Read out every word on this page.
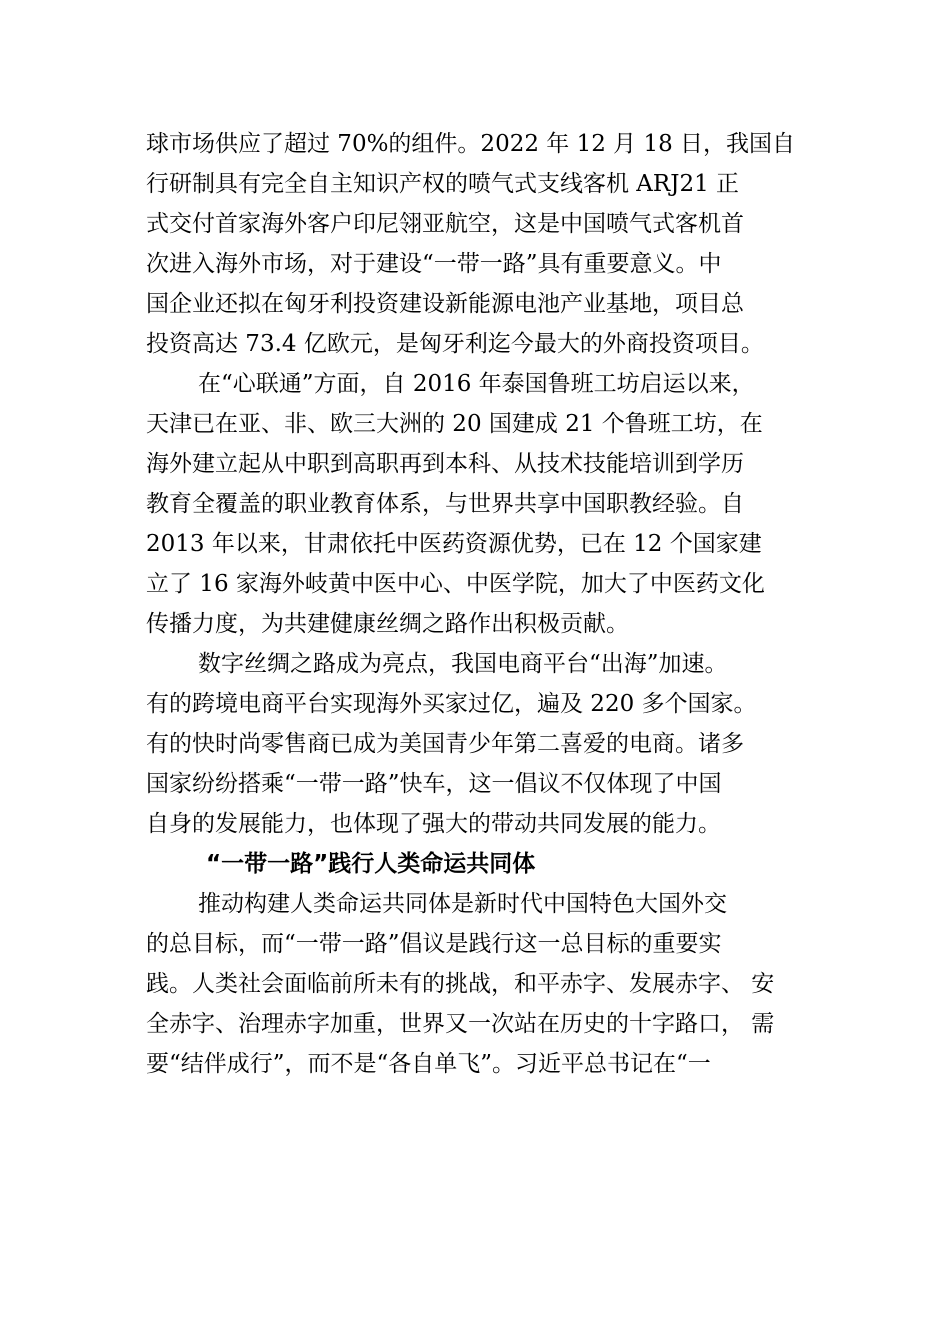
球市场供应了超过 70%的组件。2022 年 12 月 18 日，我国自
行研制具有完全自主知识产权的喷气式支线客机 ARJ21 正
式交付首家海外客户印尼翎亚航空，这是中国喷气式客机首
次进入海外市场，对于建设“一带一路”具有重要意义。中
国企业还拟在匈牙利投资建设新能源电池产业基地，项目总
投资高达 73.4 亿欧元，是匈牙利迄今最大的外商投资项目。
在“心联通”方面，自 2016 年泰国鲁班工坊启运以来，
天津已在亚、非、欧三大洲的 20 国建成 21 个鲁班工坊，在
海外建立起从中职到高职再到本科、从技术技能培训到学历
教育全覆盖的职业教育体系，与世界共享中国职教经验。自
2013 年以来，甘肃依托中医药资源优势，已在 12 个国家建
立了 16 家海外岐黄中医中心、中医学院，加大了中医药文化
传播力度，为共建健康丝绸之路作出积极贡献。
数字丝绸之路成为亮点，我国电商平台“出海”加速。
有的跨境电商平台实现海外买家过亿，遍及 220 多个国家。
有的快时尚零售商已成为美国青少年第二喜爱的电商。诸多
国家纷纷搭乘“一带一路”快车，这一倡议不仅体现了中国
自身的发展能力，也体现了强大的带动共同发展的能力。
“一带一路”践行人类命运共同体
推动构建人类命运共同体是新时代中国特色大国外交
的总目标，而“一带一路”倡议是践行这一总目标的重要实
践。人类社会面临前所未有的挑战，和平赤字、发展赤字、 安
全赤字、治理赤字加重，世界又一次站在历史的十字路口， 需
要“结伴成行”，而不是“各自单飞”。习近平总书记在“一
